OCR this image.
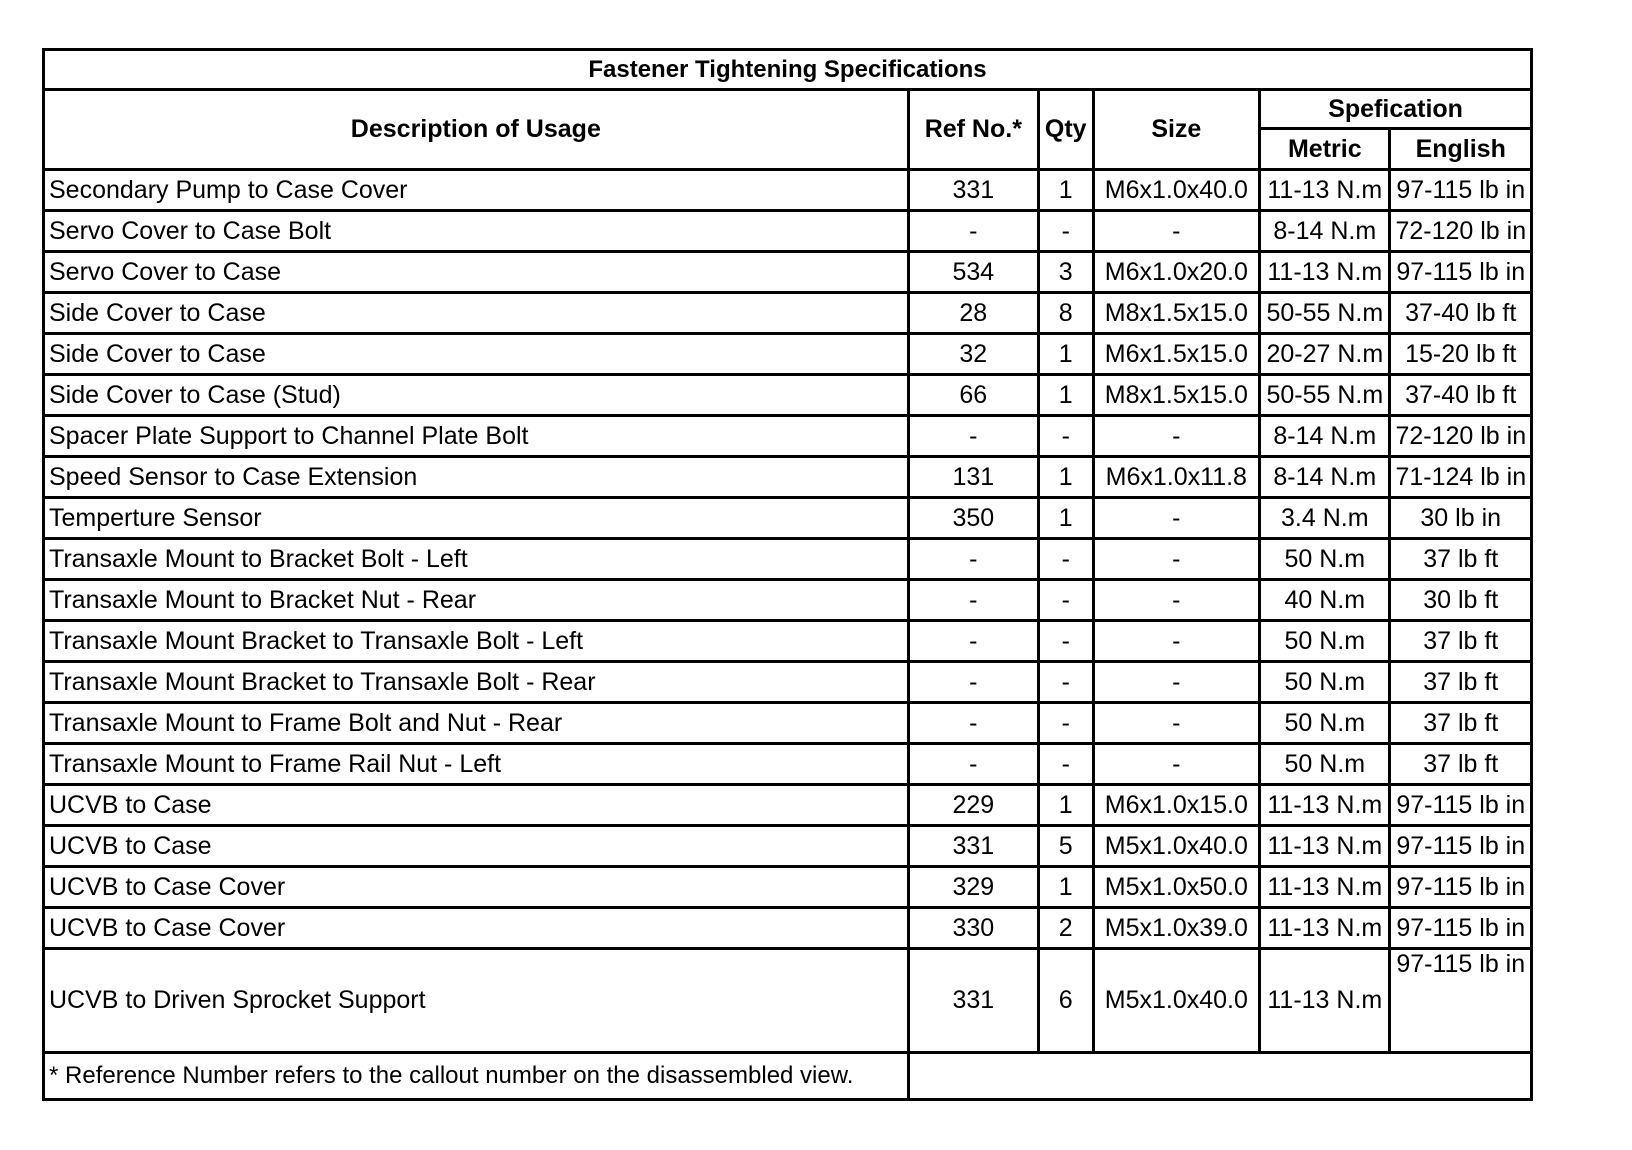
Fastener Tightening Specifications					
Description of Usage	Ref No.*	Qty	Size	Spefication	
				Metric	English
Secondary Pump to Case Cover	331	1	M6x1.0x40.0	11-13 N.m	97-115 lb in
Servo Cover to Case Bolt	-	-	-	8-14 N.m	72-120 lb in
Servo Cover to Case	534	3	M6x1.0x20.0	11-13 N.m	97-115 lb in
Side Cover to Case	28	8	M8x1.5x15.0	50-55 N.m	37-40 lb ft
Side Cover to Case	32	1	M6x1.5x15.0	20-27 N.m	15-20 lb ft
Side Cover to Case (Stud)	66	1	M8x1.5x15.0	50-55 N.m	37-40 lb ft
Spacer Plate Support to Channel Plate Bolt	-	-	-	8-14 N.m	72-120 lb in
Speed Sensor to Case Extension	131	1	M6x1.0x11.8	8-14 N.m	71-124 lb in
Temperture Sensor	350	1	-	3.4 N.m	30 lb in
Transaxle Mount to Bracket Bolt - Left	-	-	-	50 N.m	37 lb ft
Transaxle Mount to Bracket Nut - Rear	-	-	-	40 N.m	30 lb ft
Transaxle Mount Bracket to Transaxle Bolt - Left	-	-	-	50 N.m	37 lb ft
Transaxle Mount Bracket to Transaxle Bolt - Rear	-	-	-	50 N.m	37 lb ft
Transaxle Mount to Frame Bolt and Nut - Rear	-	-	-	50 N.m	37 lb ft
Transaxle Mount to Frame Rail Nut - Left	-	-	-	50 N.m	37 lb ft
UCVB to Case	229	1	M6x1.0x15.0	11-13 N.m	97-115 lb in
UCVB to Case	331	5	M5x1.0x40.0	11-13 N.m	97-115 lb in
UCVB to Case Cover	329	1	M5x1.0x50.0	11-13 N.m	97-115 lb in
UCVB to Case Cover	330	2	M5x1.0x39.0	11-13 N.m	97-115 lb in
UCVB to Driven Sprocket Support	331	6	M5x1.0x40.0	11-13 N.m	97-115 lb in
* Reference Number refers to the callout number on the disassembled view.					
